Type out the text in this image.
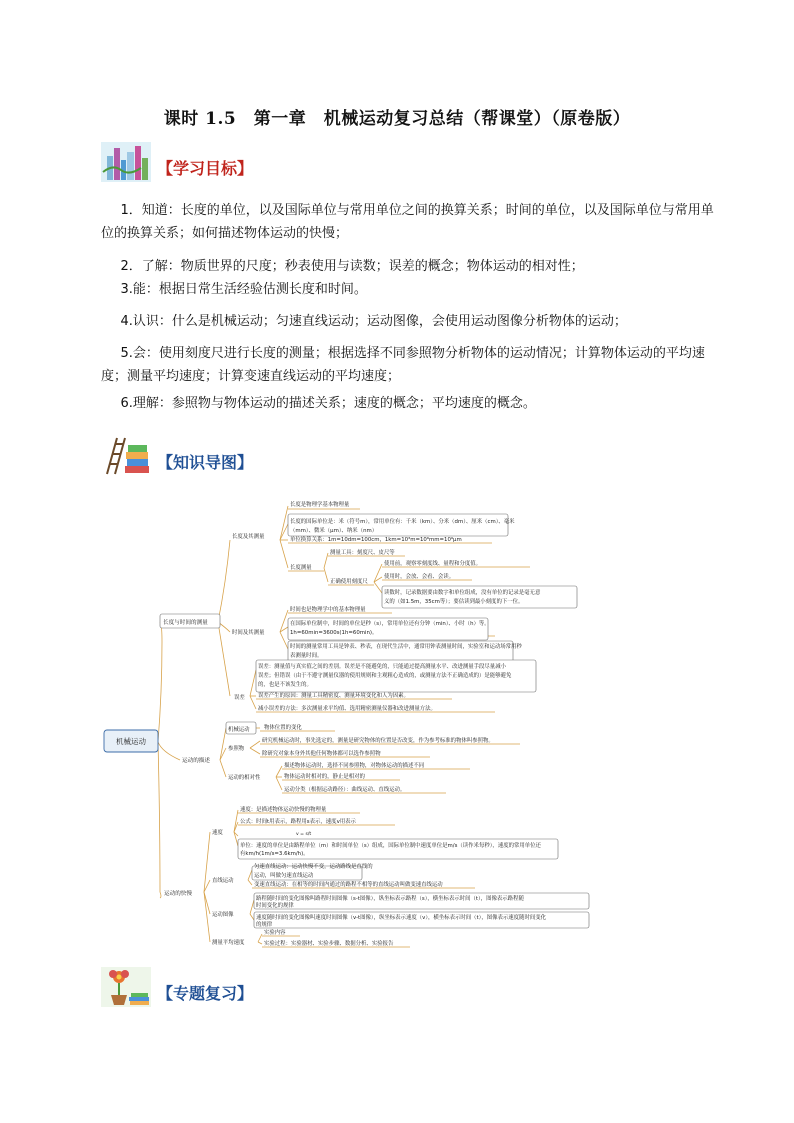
课时 1.5　第一章　机械运动复习总结（帮课堂）（原卷版）
【学习目标】

1．知道：长度的单位，以及国际单位与常用单位之间的换算关系；时间的单位，以及国际单位与常用单位的换算关系；如何描述物体运动的快慢；

2．了解：物质世界的尺度；秒表使用与读数；误差的概念；物体运动的相对性；

3.能：根据日常生活经验估测长度和时间。

4.认识：什么是机械运动；匀速直线运动；运动图像，会使用运动图像分析物体的运动；

5.会：使用刻度尺进行长度的测量；根据选择不同参照物分析物体的运动情况；计算物体运动的平均速度；测量平均速度；计算变速直线运动的平均速度；

6.理解：参照物与物体运动的描述关系；速度的概念；平均速度的概念。

【知识导图】
机械运动
长度与时间的测量
长度及其测量
长度是物理学基本物理量
长度的国际单位是：米（符号m），常用单位有：千米（km）、分米（dm）、厘米（cm）、毫米
（mm）、微米（μm）、纳米（nm）
单位换算关系：1m=10dm=100cm，1km=10³m=10⁶mm=10⁹μm
长度测量
测量工具：刻度尺、皮尺等
正确使用刻度尺
使用前，观察零刻度线、量程和分度值。
使用时，会放、会看、会读。
读数时，记录数据要由数字和单位组成，没有单位的记录是毫无意
义的（如1.5m，35cm等）；要估读到最小刻度的下一位。
时间及其测量
时间也是物理学中的基本物理量
在国际单位制中，时间的单位是秒（s），常用单位还有分钟（min）、小时（h）等。
1h=60min=3600s(1h=60min)。
时间的测量常用工具是钟表、秒表，在现代生活中，通常用钟表测量时间，实验室和运动场常用秒
表测量时间。
误差
误差：测量值与真实值之间的差别。误差是不能避免的，只能通过提高测量水平、改进测量手段尽量减小
误差；但错误（由于不遵守测量仪器的使用规则和主观粗心造成的，或测量方法不正确造成的）是能够避免
的，也是不该发生的。
误差产生的原因：测量工具精密度、测量环境变化和人为因素。
减小误差的方法：多次测量求平均值、选用精密测量仪器和改进测量方法。
运动的描述
机械运动	物体位置的变化
参照物
研究机械运动时，事先选定的，测量是研究物体的位置是否改变，作为参考标准的物体叫参照物。
除研究对象本身外其他任何物体都可以选作参照物
运动的相对性
描述物体运动时，选择不同参照物，对物体运动的描述不同
物体运动时相对的，静止是相对的
运动分类（根据运动路径）：曲线运动、直线运动。
运动的快慢
速度
速度：是描述物体运动快慢的物理量
公式：时间t用表示，路程用s表示，速度v用表示
v = s/t
单位：速度的单位是由路程单位（m）和时间单位（s）组成，国际单位制中速度单位是m/s（读作米每秒），速度的常用单位还
有km/h(1m/s=3.6km/h)。
直线运动
匀速直线运动：运动快慢不变，运动路线是直线的
运动，叫做匀速直线运动
变速直线运动：在相等的时间内通过的路程不相等的直线运动叫做变速直线运动
运动图像
路程随时间的变化图像叫路程时间图像（s-t图像），纵坐标表示路程（s），横坐标表示时间（t），图像表示路程随
时间变化的规律
速度随时间的变化图像叫速度时间图像（v-t图像），纵坐标表示速度（v），横坐标表示时间（t），图像表示速度随时间变化
的规律
测量平均速度
实验内容
实验过程：实验器材、实验步骤、数据分析、实验报告
【专题复习】
